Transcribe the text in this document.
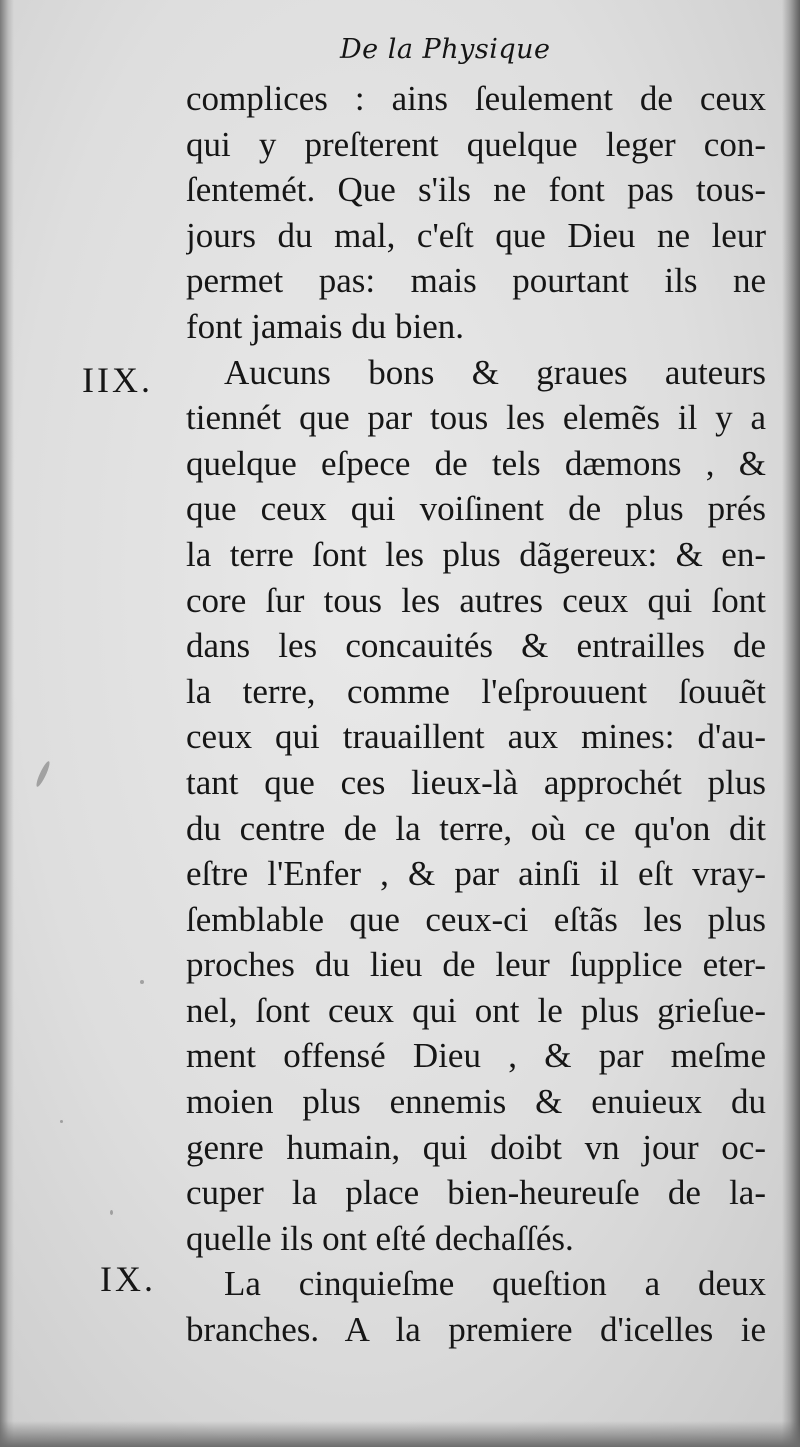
De la Physique
IIX.
IX.
complices : ains ſeulement de ceux
qui y preſterent quelque leger con-
ſentemét. Que s'ils ne font pas tous-
jours du mal, c'eſt que Dieu ne leur
permet pas: mais pourtant ils ne
font jamais du bien.
Aucuns bons & graues auteurs
tiennét que par tous les elemẽs il y a
quelque eſpece de tels dæmons , &
que ceux qui voiſinent de plus prés
la terre ſont les plus dãgereux: & en-
core ſur tous les autres ceux qui ſont
dans les concauités & entrailles de
la terre, comme l'eſprouuent ſouuẽt
ceux qui trauaillent aux mines: d'au-
tant que ces lieux-là approchét plus
du centre de la terre, où ce qu'on dit
eſtre l'Enfer , & par ainſi il eſt vray-
ſemblable que ceux-ci eſtãs les plus
proches du lieu de leur ſupplice eter-
nel, ſont ceux qui ont le plus grieſue-
ment offensé Dieu , & par meſme
moien plus ennemis & enuieux du
genre humain, qui doibt vn jour oc-
cuper la place bien-heureuſe de la-
quelle ils ont eſté dechaſſés.
La cinquieſme queſtion a deux
branches. A la premiere d'icelles ie
